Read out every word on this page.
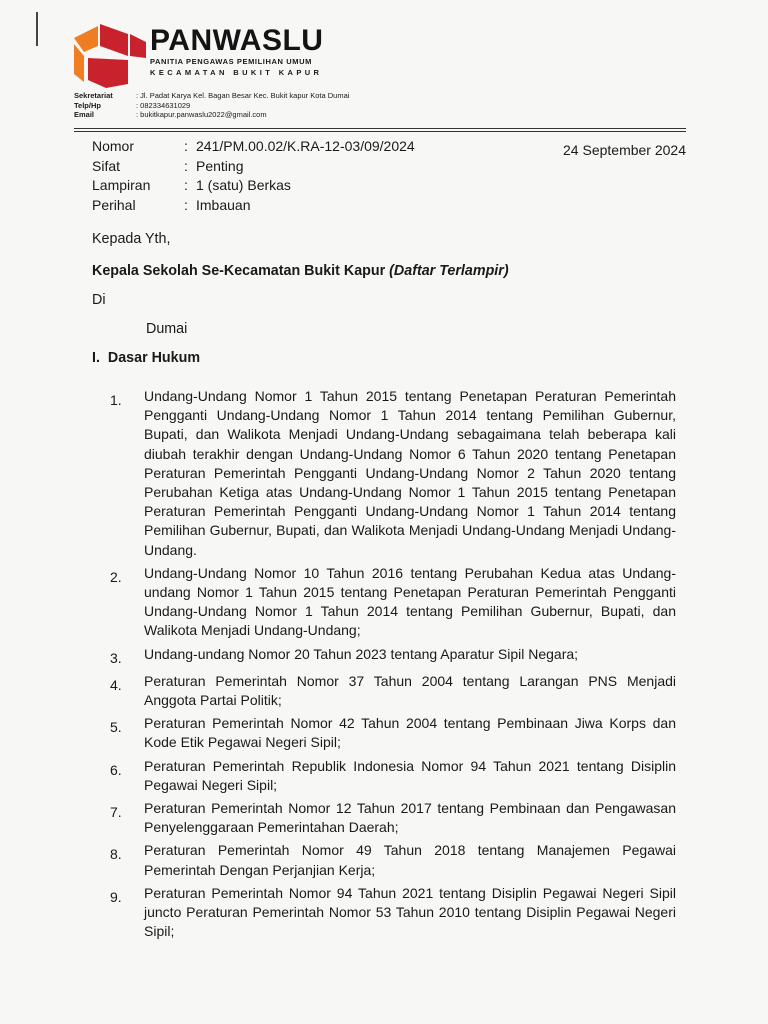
PANWASLU
PANITIA PENGAWAS PEMILIHAN UMUM
KECAMATAN BUKIT KAPUR
Sekretariat	: Jl. Padat Karya Kel. Bagan Besar Kec. Bukit kapur Kota Dumai
Telp/Hp	: 082334631029
Email	: bukitkapur.panwaslu2022@gmail.com
Nomor	: 241/PM.00.02/K.RA-12-03/09/2024
Sifat	: Penting
Lampiran	: 1 (satu) Berkas
Perihal	: Imbauan
24 September 2024
Kepada Yth,
Kepala Sekolah Se-Kecamatan Bukit Kapur (Daftar Terlampir)
Di
Dumai
I.  Dasar Hukum
1.	Undang-Undang Nomor 1 Tahun 2015 tentang Penetapan Peraturan Pemerintah Pengganti Undang-Undang Nomor 1 Tahun 2014 tentang Pemilihan Gubernur, Bupati, dan Walikota Menjadi Undang-Undang sebagaimana telah beberapa kali diubah terakhir dengan Undang-Undang Nomor 6 Tahun 2020 tentang Penetapan Peraturan Pemerintah Pengganti Undang-Undang Nomor 2 Tahun 2020 tentang Perubahan Ketiga atas Undang-Undang Nomor 1 Tahun 2015 tentang Penetapan Peraturan Pemerintah Pengganti Undang-Undang Nomor 1 Tahun 2014 tentang Pemilihan Gubernur, Bupati, dan Walikota Menjadi Undang-Undang Menjadi Undang-Undang.
2.	Undang-Undang Nomor 10 Tahun 2016 tentang Perubahan Kedua atas Undang-undang Nomor 1 Tahun 2015 tentang Penetapan Peraturan Pemerintah Pengganti Undang-Undang Nomor 1 Tahun 2014 tentang Pemilihan Gubernur, Bupati, dan Walikota Menjadi Undang-Undang;
3.	Undang-undang Nomor 20 Tahun 2023 tentang Aparatur Sipil Negara;
4.	Peraturan Pemerintah Nomor 37 Tahun 2004 tentang Larangan PNS Menjadi Anggota Partai Politik;
5.	Peraturan Pemerintah Nomor 42 Tahun 2004 tentang Pembinaan Jiwa Korps dan Kode Etik Pegawai Negeri Sipil;
6.	Peraturan Pemerintah Republik Indonesia Nomor 94 Tahun 2021 tentang Disiplin Pegawai Negeri Sipil;
7.	Peraturan Pemerintah Nomor 12 Tahun 2017 tentang Pembinaan dan Pengawasan Penyelenggaraan Pemerintahan Daerah;
8.	Peraturan Pemerintah Nomor 49 Tahun 2018 tentang Manajemen Pegawai Pemerintah Dengan Perjanjian Kerja;
9.	Peraturan Pemerintah Nomor 94 Tahun 2021 tentang Disiplin Pegawai Negeri Sipil juncto Peraturan Pemerintah Nomor 53 Tahun 2010 tentang Disiplin Pegawai Negeri Sipil;
